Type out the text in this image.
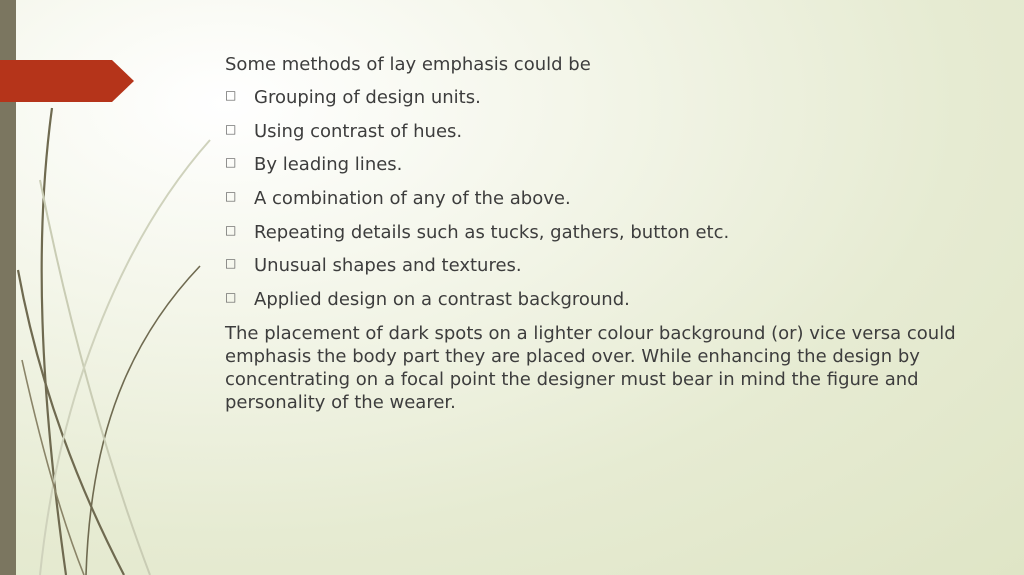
Some methods of lay emphasis could be

□ Grouping of design units.
□ Using contrast of hues.
□ By leading lines.
□ A combination of any of the above.
□ Repeating details such as tucks, gathers, button etc.
□ Unusual shapes and textures.
□ Applied design on a contrast background.

The placement of dark spots on a lighter colour background (or) vice versa could emphasis the body part they are placed over. While enhancing the design by concentrating on a focal point the designer must bear in mind the figure and personality of the wearer.
